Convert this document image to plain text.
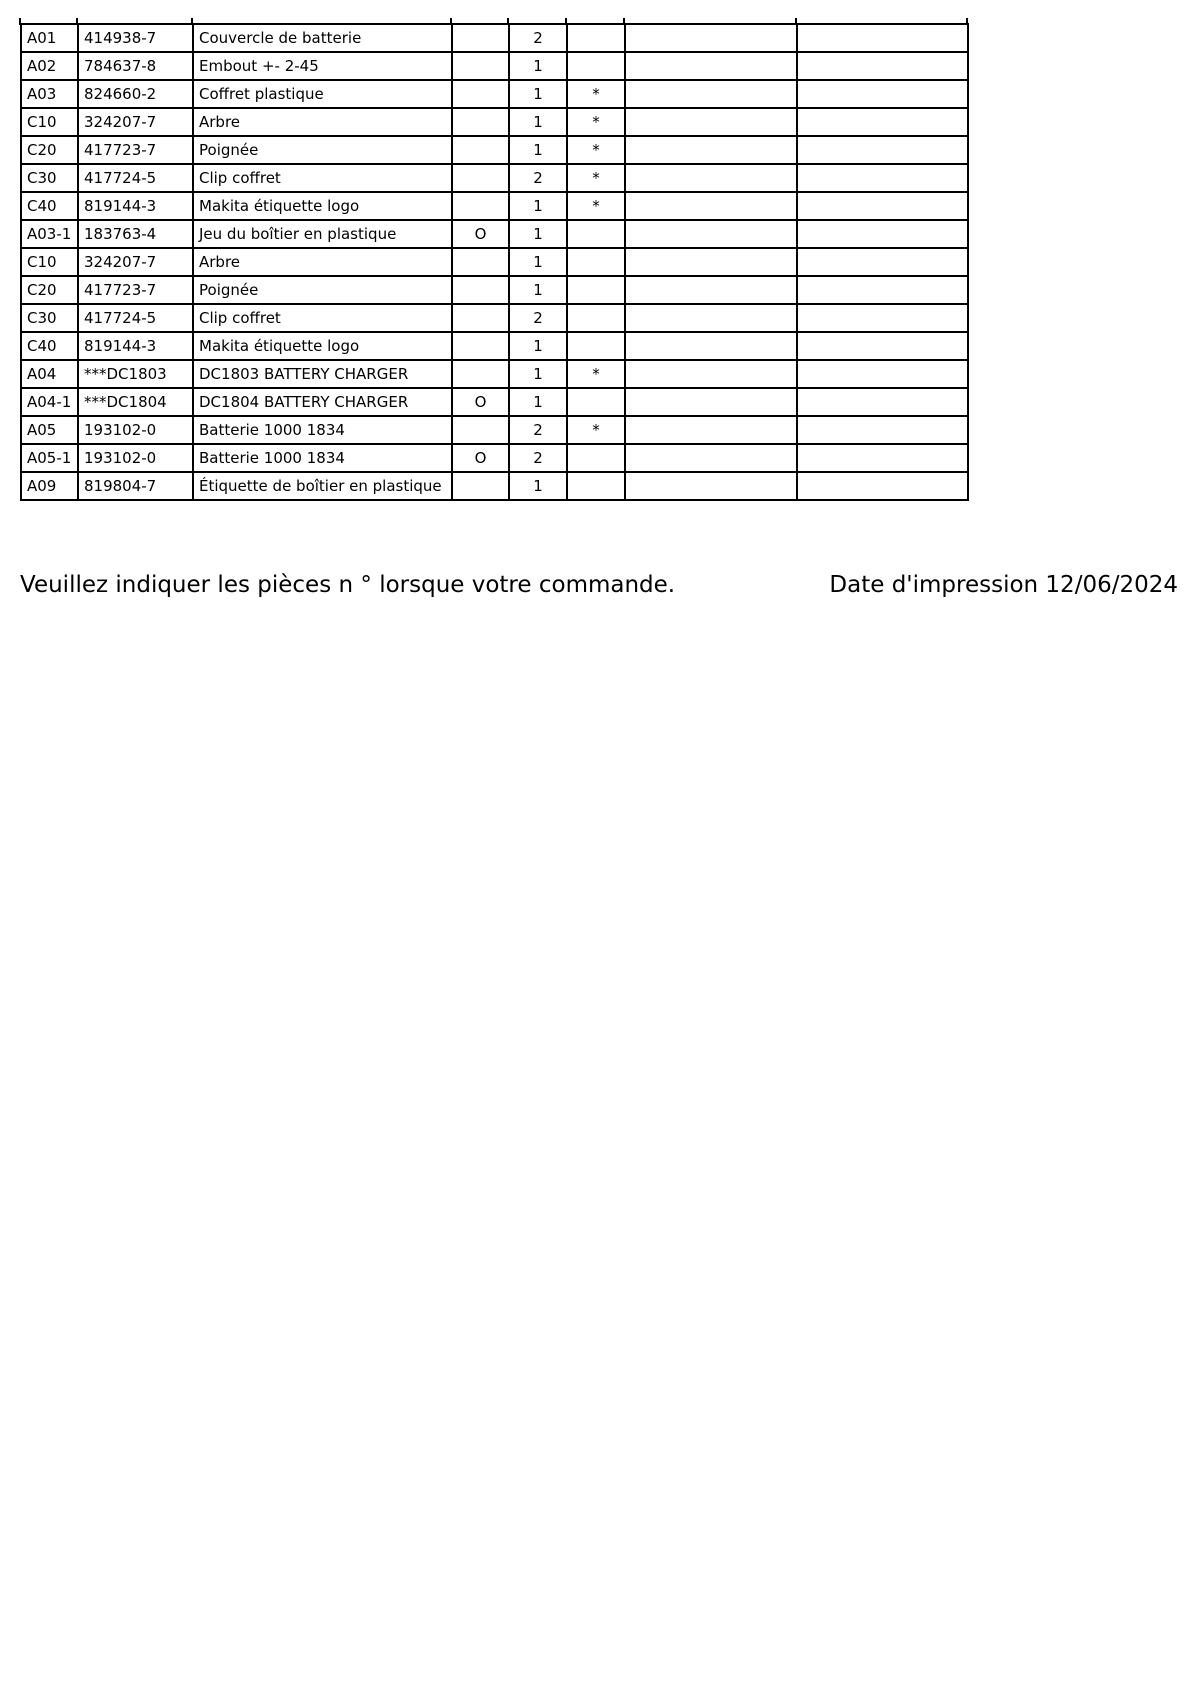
A01	414938-7	Couvercle de batterie		2			
A02	784637-8	Embout +- 2-45		1			
A03	824660-2	Coffret plastique		1	*		
C10	324207-7	Arbre		1	*		
C20	417723-7	Poignée		1	*		
C30	417724-5	Clip coffret		2	*		
C40	819144-3	Makita étiquette logo		1	*		
A03-1	183763-4	Jeu du boîtier en plastique	O	1			
C10	324207-7	Arbre		1			
C20	417723-7	Poignée		1			
C30	417724-5	Clip coffret		2			
C40	819144-3	Makita étiquette logo		1			
A04	***DC1803	DC1803 BATTERY CHARGER		1	*		
A04-1	***DC1804	DC1804 BATTERY CHARGER	O	1			
A05	193102-0	Batterie 1000 1834		2	*		
A05-1	193102-0	Batterie 1000 1834	O	2			
A09	819804-7	Étiquette de boîtier en plastique		1			
Veuillez indiquer les pièces n ° lorsque votre commande.	Date d'impression 12/06/2024
